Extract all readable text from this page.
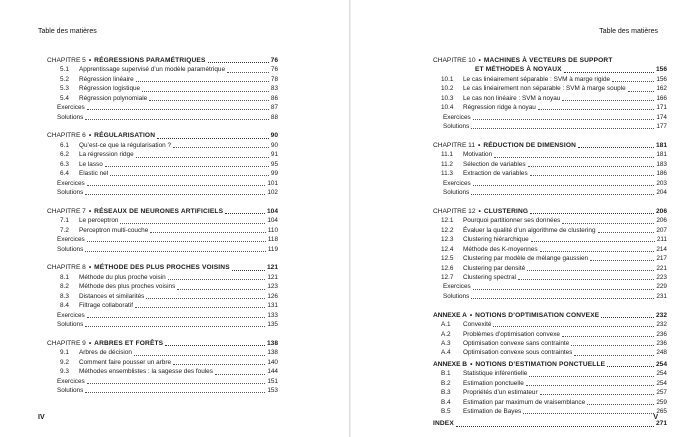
Table des matières
CHAPITRE 5 • RÉGRESSIONS PARAMÉTRIQUES	76
5.1 Apprentissage supervisé d’un modèle paramétrique	76
5.2 Régression linéaire	78
5.3 Régression logistique	83
5.4 Régression polynomiale	86
Exercices	87
Solutions	88
CHAPITRE 6 • RÉGULARISATION	90
6.1 Qu’est-ce que la régularisation ?	90
6.2 La régression ridge	91
6.3 Le lasso	95
6.4 Elastic net	99
Exercices	101
Solutions	102
CHAPITRE 7 • RÉSEAUX DE NEURONES ARTIFICIELS	104
7.1 Le perceptron	104
7.2 Perceptron multi-couche	110
Exercices	118
Solutions	119
CHAPITRE 8 • MÉTHODE DES PLUS PROCHES VOISINS	121
8.1 Méthode du plus proche voisin	121
8.2 Méthode des plus proches voisins	123
8.3 Distances et similarités	126
8.4 Filtrage collaboratif	131
Exercices	133
Solutions	135
CHAPITRE 9 • ARBRES ET FORÊTS	138
9.1 Arbres de décision	138
9.2 Comment faire pousser un arbre	140
9.3 Méthodes ensemblistes : la sagesse des foules	144
Exercices	151
Solutions	153
IV
Table des matières
CHAPITRE 10 • MACHINES À VECTEURS DE SUPPORT
ET MÉTHODES À NOYAUX	156
10.1 Le cas linéairement séparable : SVM à marge rigide	156
10.2 Le cas linéairement non séparable : SVM à marge souple	162
10.3 Le cas non linéaire : SVM à noyau	166
10.4 Régression ridge à noyau	171
Exercices	174
Solutions	177
CHAPITRE 11 • RÉDUCTION DE DIMENSION	181
11.1 Motivation	181
11.2 Sélection de variables	183
11.3 Extraction de variables	186
Exercices	203
Solutions	204
CHAPITRE 12 • CLUSTERING	206
12.1 Pourquoi partitionner ses données	206
12.2 Évaluer la qualité d’un algorithme de clustering	207
12.3 Clustering hiérarchique	211
12.4 Méthode des K-moyennes	214
12.5 Clustering par modèle de mélange gaussien	217
12.6 Clustering par densité	221
12.7 Clustering spectral	223
Exercices	229
Solutions	231
ANNEXE A • NOTIONS D’OPTIMISATION CONVEXE	232
A.1 Convexité	232
A.2 Problèmes d’optimisation convexe	236
A.3 Optimisation convexe sans contrainte	236
A.4 Optimisation convexe sous contraintes	248
ANNEXE B • NOTIONS D’ESTIMATION PONCTUELLE	254
B.1 Statistique inférentielle	254
B.2 Estimation ponctuelle	254
B.3 Propriétés d’un estimateur	257
B.4 Estimation par maximum de vraisemblance	259
B.5 Estimation de Bayes	265
INDEX	271
V
